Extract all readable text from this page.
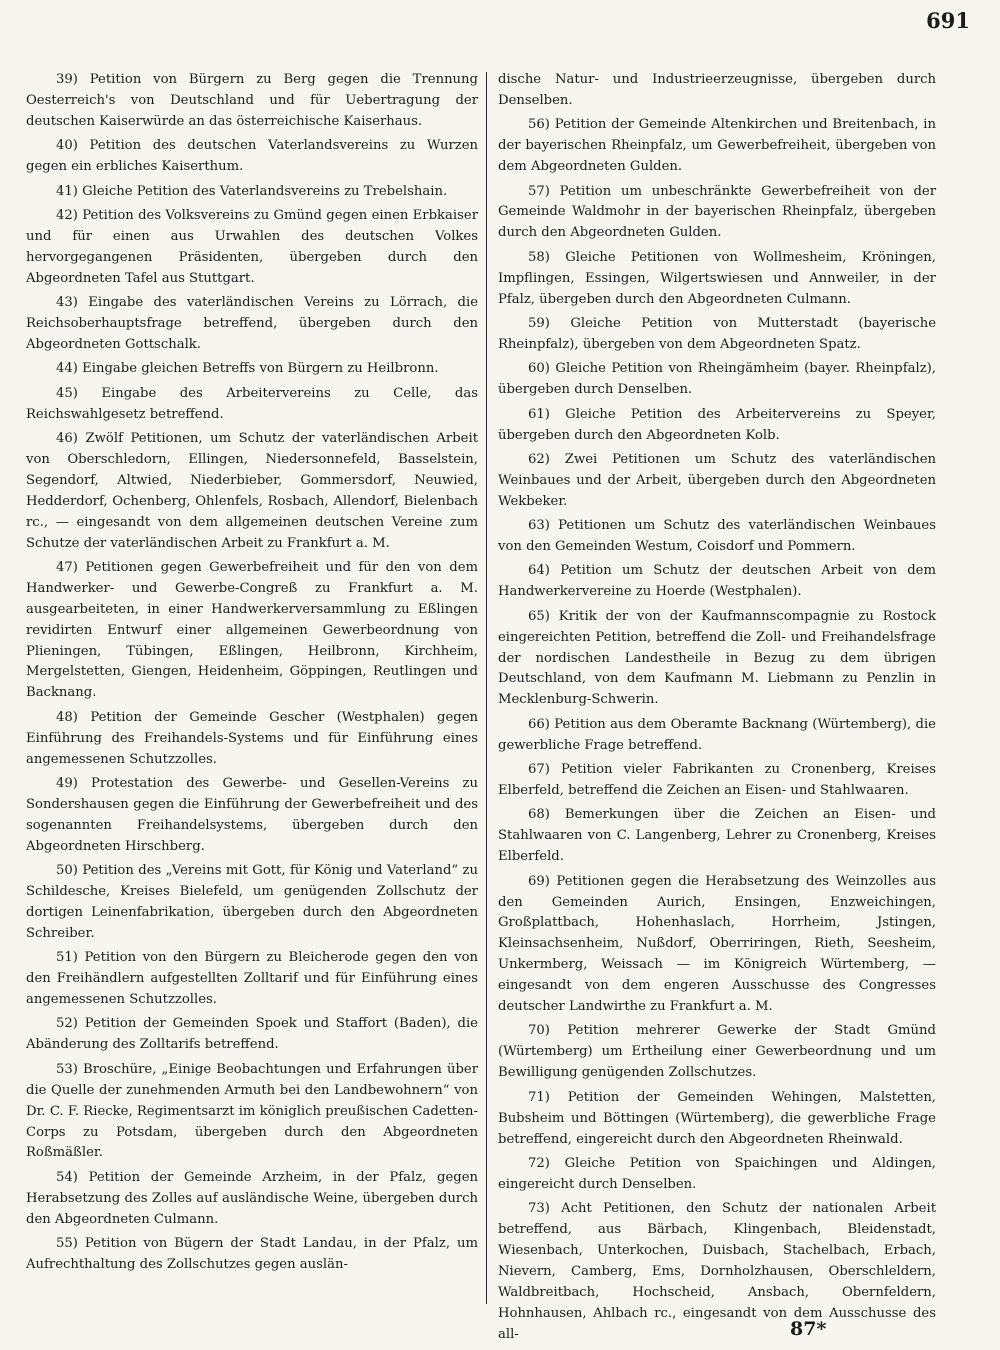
691

39) Petition von Bürgern zu Berg gegen die Trennung Oesterreich's von Deutschland und für Uebertragung der deutschen Kaiserwürde an das österreichische Kaiserhaus.

40) Petition des deutschen Vaterlandsvereins zu Wurzen gegen ein erbliches Kaiserthum.

41) Gleiche Petition des Vaterlandsvereins zu Trebelshain.

42) Petition des Volksvereins zu Gmünd gegen einen Erbkaiser und für einen aus Urwahlen des deutschen Volkes hervorgegangenen Präsidenten, übergeben durch den Abgeordneten Tafel aus Stuttgart.

43) Eingabe des vaterländischen Vereins zu Lörrach, die Reichsoberhauptsfrage betreffend, übergeben durch den Abgeordneten Gottschalk.

44) Eingabe gleichen Betreffs von Bürgern zu Heilbronn.

45) Eingabe des Arbeitervereins zu Celle, das Reichswahlgesetz betreffend.

46) Zwölf Petitionen, um Schutz der vaterländischen Arbeit von Oberschledorn, Ellingen, Niedersonnefeld, Basselstein, Segendorf, Altwied, Niederbieber, Gommersdorf, Neuwied, Hedderdorf, Ochenberg, Ohlenfels, Rosbach, Allendorf, Bielenbach rc., — eingesandt von dem allgemeinen deutschen Vereine zum Schutze der vaterländischen Arbeit zu Frankfurt a. M.

47) Petitionen gegen Gewerbefreiheit und für den von dem Handwerker- und Gewerbe-Congreß zu Frankfurt a. M. ausgearbeiteten, in einer Handwerkerversammlung zu Eßlingen revidirten Entwurf einer allgemeinen Gewerbeordnung von Plieningen, Tübingen, Eßlingen, Heilbronn, Kirchheim, Mergelstetten, Giengen, Heidenheim, Göppingen, Reutlingen und Backnang.

48) Petition der Gemeinde Gescher (Westphalen) gegen Einführung des Freihandels-Systems und für Einführung eines angemessenen Schutzzolles.

49) Protestation des Gewerbe- und Gesellen-Vereins zu Sondershausen gegen die Einführung der Gewerbefreiheit und des sogenannten Freihandelsystems, übergeben durch den Abgeordneten Hirschberg.

50) Petition des „Vereins mit Gott, für König und Vaterland“ zu Schildesche, Kreises Bielefeld, um genügenden Zollschutz der dortigen Leinenfabrikation, übergeben durch den Abgeordneten Schreiber.

51) Petition von den Bürgern zu Bleicherode gegen den von den Freihändlern aufgestellten Zolltarif und für Einführung eines angemessenen Schutzzolles.

52) Petition der Gemeinden Spoek und Staffort (Baden), die Abänderung des Zolltarifs betreffend.

53) Broschüre, „Einige Beobachtungen und Erfahrungen über die Quelle der zunehmenden Armuth bei den Landbewohnern“ von Dr. C. F. Riecke, Regimentsarzt im königlich preußischen Cadetten-Corps zu Potsdam, übergeben durch den Abgeordneten Roßmäßler.

54) Petition der Gemeinde Arzheim, in der Pfalz, gegen Herabsetzung des Zolles auf ausländische Weine, übergeben durch den Abgeordneten Culmann.

55) Petition von Bügern der Stadt Landau, in der Pfalz, um Aufrechthaltung des Zollschutzes gegen auslän-

dische Natur- und Industrieerzeugnisse, übergeben durch Denselben.

56) Petition der Gemeinde Altenkirchen und Breitenbach, in der bayerischen Rheinpfalz, um Gewerbefreiheit, übergeben von dem Abgeordneten Gulden.

57) Petition um unbeschränkte Gewerbefreiheit von der Gemeinde Waldmohr in der bayerischen Rheinpfalz, übergeben durch den Abgeordneten Gulden.

58) Gleiche Petitionen von Wollmesheim, Kröningen, Impflingen, Essingen, Wilgertswiesen und Annweiler, in der Pfalz, übergeben durch den Abgeordneten Culmann.

59) Gleiche Petition von Mutterstadt (bayerische Rheinpfalz), übergeben von dem Abgeordneten Spatz.

60) Gleiche Petition von Rheingämheim (bayer. Rheinpfalz), übergeben durch Denselben.

61) Gleiche Petition des Arbeitervereins zu Speyer, übergeben durch den Abgeordneten Kolb.

62) Zwei Petitionen um Schutz des vaterländischen Weinbaues und der Arbeit, übergeben durch den Abgeordneten Wekbeker.

63) Petitionen um Schutz des vaterländischen Weinbaues von den Gemeinden Westum, Coisdorf und Pommern.

64) Petition um Schutz der deutschen Arbeit von dem Handwerkervereine zu Hoerde (Westphalen).

65) Kritik der von der Kaufmannscompagnie zu Rostock eingereichten Petition, betreffend die Zoll- und Freihandelsfrage der nordischen Landestheile in Bezug zu dem übrigen Deutschland, von dem Kaufmann M. Liebmann zu Penzlin in Mecklenburg-Schwerin.

66) Petition aus dem Oberamte Backnang (Würtemberg), die gewerbliche Frage betreffend.

67) Petition vieler Fabrikanten zu Cronenberg, Kreises Elberfeld, betreffend die Zeichen an Eisen- und Stahlwaaren.

68) Bemerkungen über die Zeichen an Eisen- und Stahlwaaren von C. Langenberg, Lehrer zu Cronenberg, Kreises Elberfeld.

69) Petitionen gegen die Herabsetzung des Weinzolles aus den Gemeinden Aurich, Ensingen, Enzweichingen, Großplattbach, Hohenhaslach, Horrheim, Jstingen, Kleinsachsenheim, Nußdorf, Oberriringen, Rieth, Seesheim, Unkermberg, Weissach — im Königreich Würtemberg, — eingesandt von dem engeren Ausschusse des Congresses deutscher Landwirthe zu Frankfurt a. M.

70) Petition mehrerer Gewerke der Stadt Gmünd (Würtemberg) um Ertheilung einer Gewerbeordnung und um Bewilligung genügenden Zollschutzes.

71) Petition der Gemeinden Wehingen, Malstetten, Bubsheim und Böttingen (Würtemberg), die gewerbliche Frage betreffend, eingereicht durch den Abgeordneten Rheinwald.

72) Gleiche Petition von Spaichingen und Aldingen, eingereicht durch Denselben.

73) Acht Petitionen, den Schutz der nationalen Arbeit betreffend, aus Bärbach, Klingenbach, Bleidenstadt, Wiesenbach, Unterkochen, Duisbach, Stachelbach, Erbach, Nievern, Camberg, Ems, Dornholzhausen, Oberschleldern, Waldbreitbach, Hochscheid, Ansbach, Obernfeldern, Hohnhausen, Ahlbach rc., eingesandt von dem Ausschusse des all-	87*
